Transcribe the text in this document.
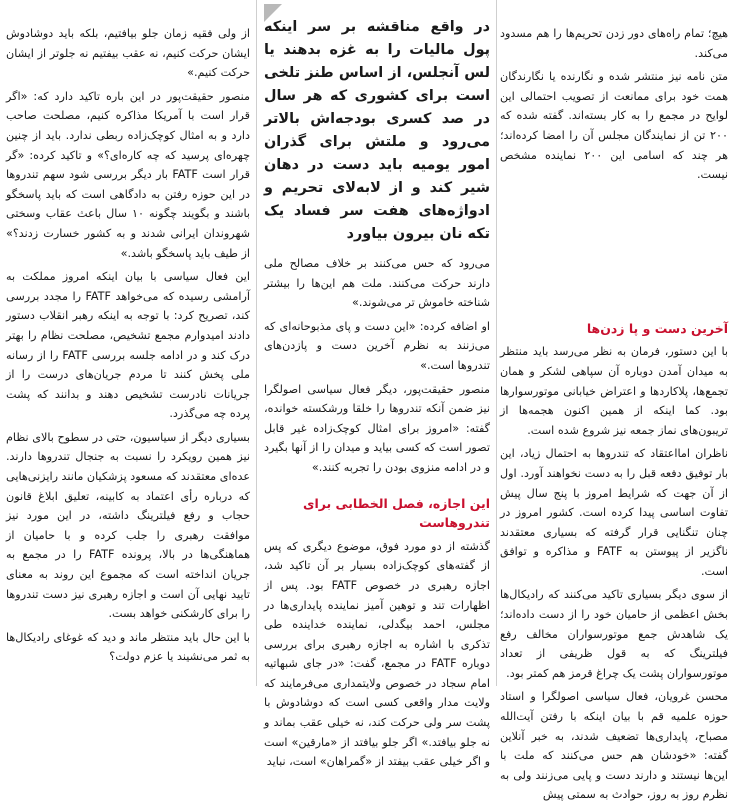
هیچ؛ تمام راه‌های دور زدن تحریم‌ها را هم مسدود می‌کند.

متن نامه نیز منتشر شده و نگارنده یا نگارندگان همت خود برای ممانعت از تصویب احتمالی این لوایح در مجمع را به کار بسته‌اند. گفته شده که ۲۰۰ تن از نمایندگان مجلس آن را امضا کرده‌اند؛ هر چند که اسامی این ۲۰۰ نماینده مشخص نیست.

آخرین دست و پا زدن‌ها

با این دستور، فرمان به نظر می‌رسد باید منتظر به میدان آمدن دوباره آن سپاهی لشکر و همان تجمع‌ها، پلاکاردها و اعتراض خیابانی موتورسوارها بود. کما اینکه از همین اکنون هجمه‌ها از تریبون‌های نماز جمعه نیز شروع شده است.

ناظران امااعتقاد که تندروها به احتمال زیاد، این بار توفیق دفعه قبل را به دست نخواهند آورد. اول از آن جهت که شرایط امروز با پنج سال پیش تفاوت اساسی پیدا کرده است. کشور امروز در چنان تنگنایی قرار گرفته که بسیاری معتقدند ناگزیر از پیوستن به FATF و مذاکره و توافق است.

از سوی دیگر بسیاری تاکید می‌کنند که رادیکال‌ها بخش اعظمی از حامیان خود را از دست داده‌اند؛ یک شاهدش جمع موتورسواران مخالف رفع فیلترینگ که به قول ظریفی از تعداد موتورسواران پشت یک چراغ قرمز هم کمتر بود.

محسن غرویان، فعال سیاسی اصولگرا و استاد حوزه علمیه قم با بیان اینکه با رفتن آیت‌الله مصباح، پایداری‌ها تضعیف شدند، به خبر آنلاین گفته: «خودشان هم حس می‌کنند که ملت با این‌ها نیستند و دارند دست و پایی می‌زنند ولی به نظرم روز به روز، حوادث به سمتی پیش

در واقع مناقشه بر سر اینکه پول مالیات را به غزه بدهند یا لس آنجلس، از اساس طنز تلخی است برای کشوری که هر سال در صد کسری بودجه‌اش بالاتر می‌رود و ملتش برای گذران امور یومیه باید دست در دهان شیر کند و از لابه‌لای تحریم و ادواژه‌های هفت سر فساد یک تکه نان بیرون بیاورد

می‌رود که حس می‌کنند بر خلاف مصالح ملی دارند حرکت می‌کنند. ملت هم این‌ها را بیشتر شناخته خاموش تر می‌شوند.»

او اضافه کرده: «این دست و پای مذبوحانه‌ای که می‌زنند به نظرم آخرین دست و پازدن‌های تندروها است.»

منصور حقیقت‌پور، دیگر فعال سیاسی اصولگرا نیز ضمن آنکه تندروها را خلقا ورشکسته خوانده، گفته: «امروز برای امثال کوچک‌زاده غیر قابل تصور است که کسی بیاید و میدان را از آنها بگیرد و در ادامه منزوی بودن را تجربه کنند.»

این اجازه، فصل الخطابی برای تندروهاست

گذشته از دو مورد فوق، موضوع دیگری که پس از گفته‌های کوچک‌زاده بسیار بر آن تاکید شد، اجازه رهبری در خصوص FATF بود. پس از اظهارات تند و توهین آمیز نماینده پایداری‌ها در مجلس، احمد بیگدلی، نماینده خداینده طی تذکری با اشاره به اجازه رهبری برای بررسی دوباره FATF در مجمع، گفت: «در جای شبهاتیه امام سجاد در خصوص ولایتمداری می‌فرمایند که ولایت مدار واقعی کسی است که دوشادوش با پشت سر ولی حرکت کند، نه خیلی عقب بماند و نه جلو بیافتد.» اگر جلو بیافتد از «مارقین» است و اگر خیلی عقب بیفتد از «گمراهان» است، نباید

از ولی فقیه زمان جلو بیافتیم، بلکه باید دوشادوش ایشان حرکت کنیم، نه عقب بیفتیم نه جلوتر از ایشان حرکت کنیم.»

منصور حقیقت‌پور در این باره تاکید دارد که: «اگر قرار است با آمریکا مذاکره کنیم، مصلحت صاحب دارد و به امثال کوچک‌زاده ربطی ندارد. باید از چنین چهره‌ای پرسید که چه کاره‌ای؟» و تاکید کرده: «گر قرار است FATF بار دیگر بررسی شود سهم تندروها در این حوزه رفتن به دادگاهی است که باید پاسخگو باشند و بگویند چگونه ۱۰ سال باعث عقاب وسختی شهروندان ایرانی شدند و به کشور خسارت زدند؟» از طیف باید پاسخگو باشد.»

این فعال سیاسی با بیان اینکه امروز مملکت به آرامشی رسیده که می‌خواهد FATF را مجدد بررسی کند، تصریح کرد: با توجه به اینکه رهبر انقلاب دستور دادند امیدوارم مجمع تشخیص، مصلحت نظام را بهتر درک کند و در ادامه جلسه بررسی FATF را از رسانه ملی پخش کنند تا مردم جریان‌های درست را از جریانات نادرست تشخیص دهند و بدانند که پشت پرده چه می‌گذرد.

بسیاری دیگر از سیاسیون، حتی در سطوح بالای نظام نیز همین رویکرد را نسبت به جنجال تندروها دارند. عده‌ای معتقدند که مسعود پزشکیان مانند رایزنی‌هایی که درباره رأی اعتماد به کابینه، تعلیق ابلاغ قانون حجاب و رفع فیلترینگ داشته، در این مورد نیز موافقت رهبری را جلب کرده و با حامیان از هماهنگی‌ها در بالا، پرونده FATF را در مجمع به جریان انداخته است که مجموع این روند به معنای تایید نهایی آن است و اجازه رهبری نیز دست تندروها را برای کارشکنی خواهد بست.

با این حال باید منتظر ماند و دید که غوغای رادیکال‌ها به ثمر می‌نشیند یا عزم دولت؟
